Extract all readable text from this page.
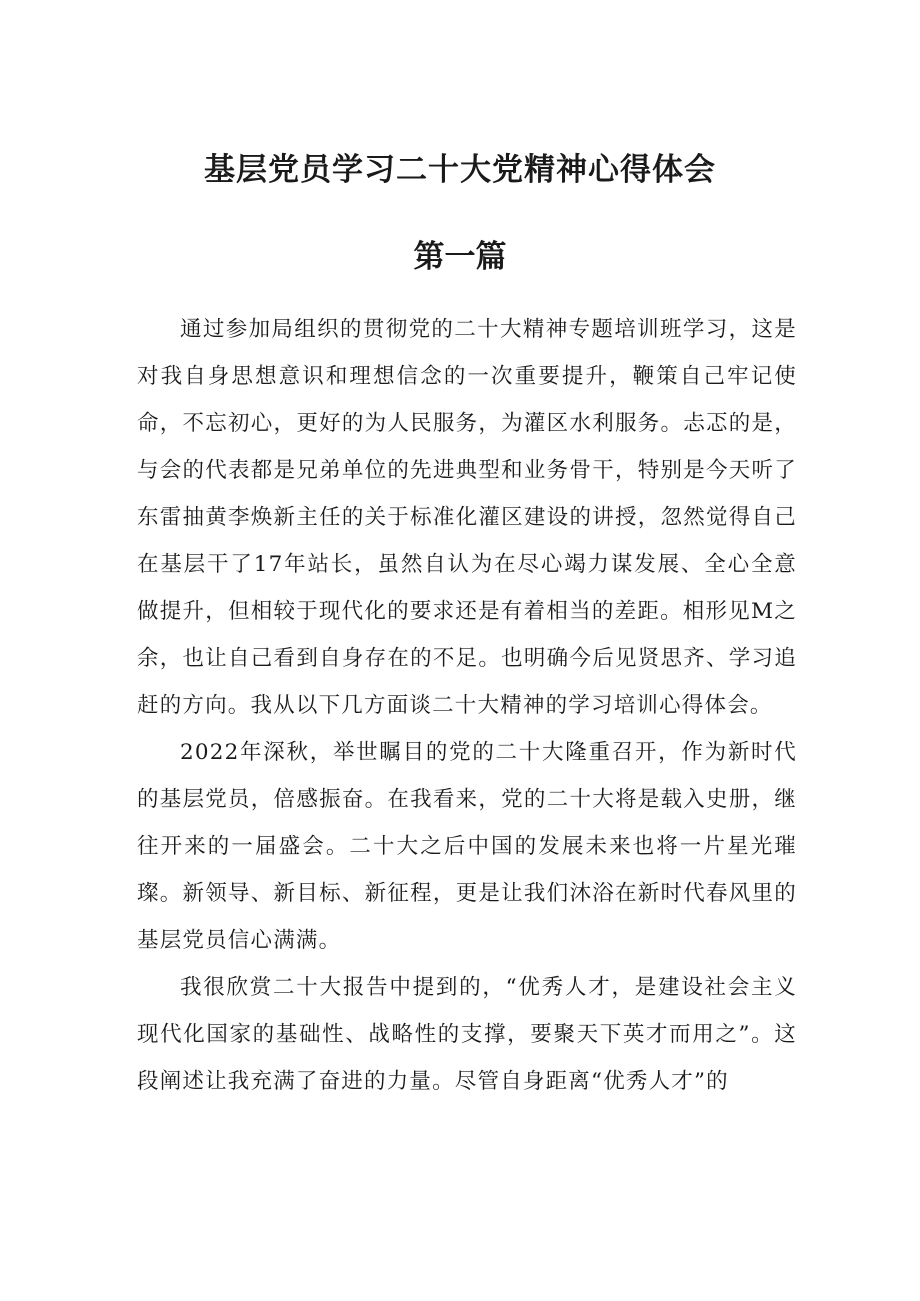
基层党员学习二十大党精神心得体会
第一篇

通过参加局组织的贯彻党的二十大精神专题培训班学习，这是对我自身思想意识和理想信念的一次重要提升，鞭策自己牢记使命，不忘初心，更好的为人民服务，为灌区水利服务。忐忑的是，与会的代表都是兄弟单位的先进典型和业务骨干，特别是今天听了东雷抽黄李焕新主任的关于标准化灌区建设的讲授，忽然觉得自己在基层干了17年站长，虽然自认为在尽心竭力谋发展、全心全意做提升，但相较于现代化的要求还是有着相当的差距。相形见M之余，也让自己看到自身存在的不足。也明确今后见贤思齐、学习追赶的方向。我从以下几方面谈二十大精神的学习培训心得体会。

2022年深秋，举世瞩目的党的二十大隆重召开，作为新时代的基层党员，倍感振奋。在我看来，党的二十大将是载入史册，继往开来的一届盛会。二十大之后中国的发展未来也将一片星光璀璨。新领导、新目标、新征程，更是让我们沐浴在新时代春风里的基层党员信心满满。

我很欣赏二十大报告中提到的，“优秀人才，是建设社会主义现代化国家的基础性、战略性的支撑，要聚天下英才而用之”。这段阐述让我充满了奋进的力量。尽管自身距离“优秀人才”的
